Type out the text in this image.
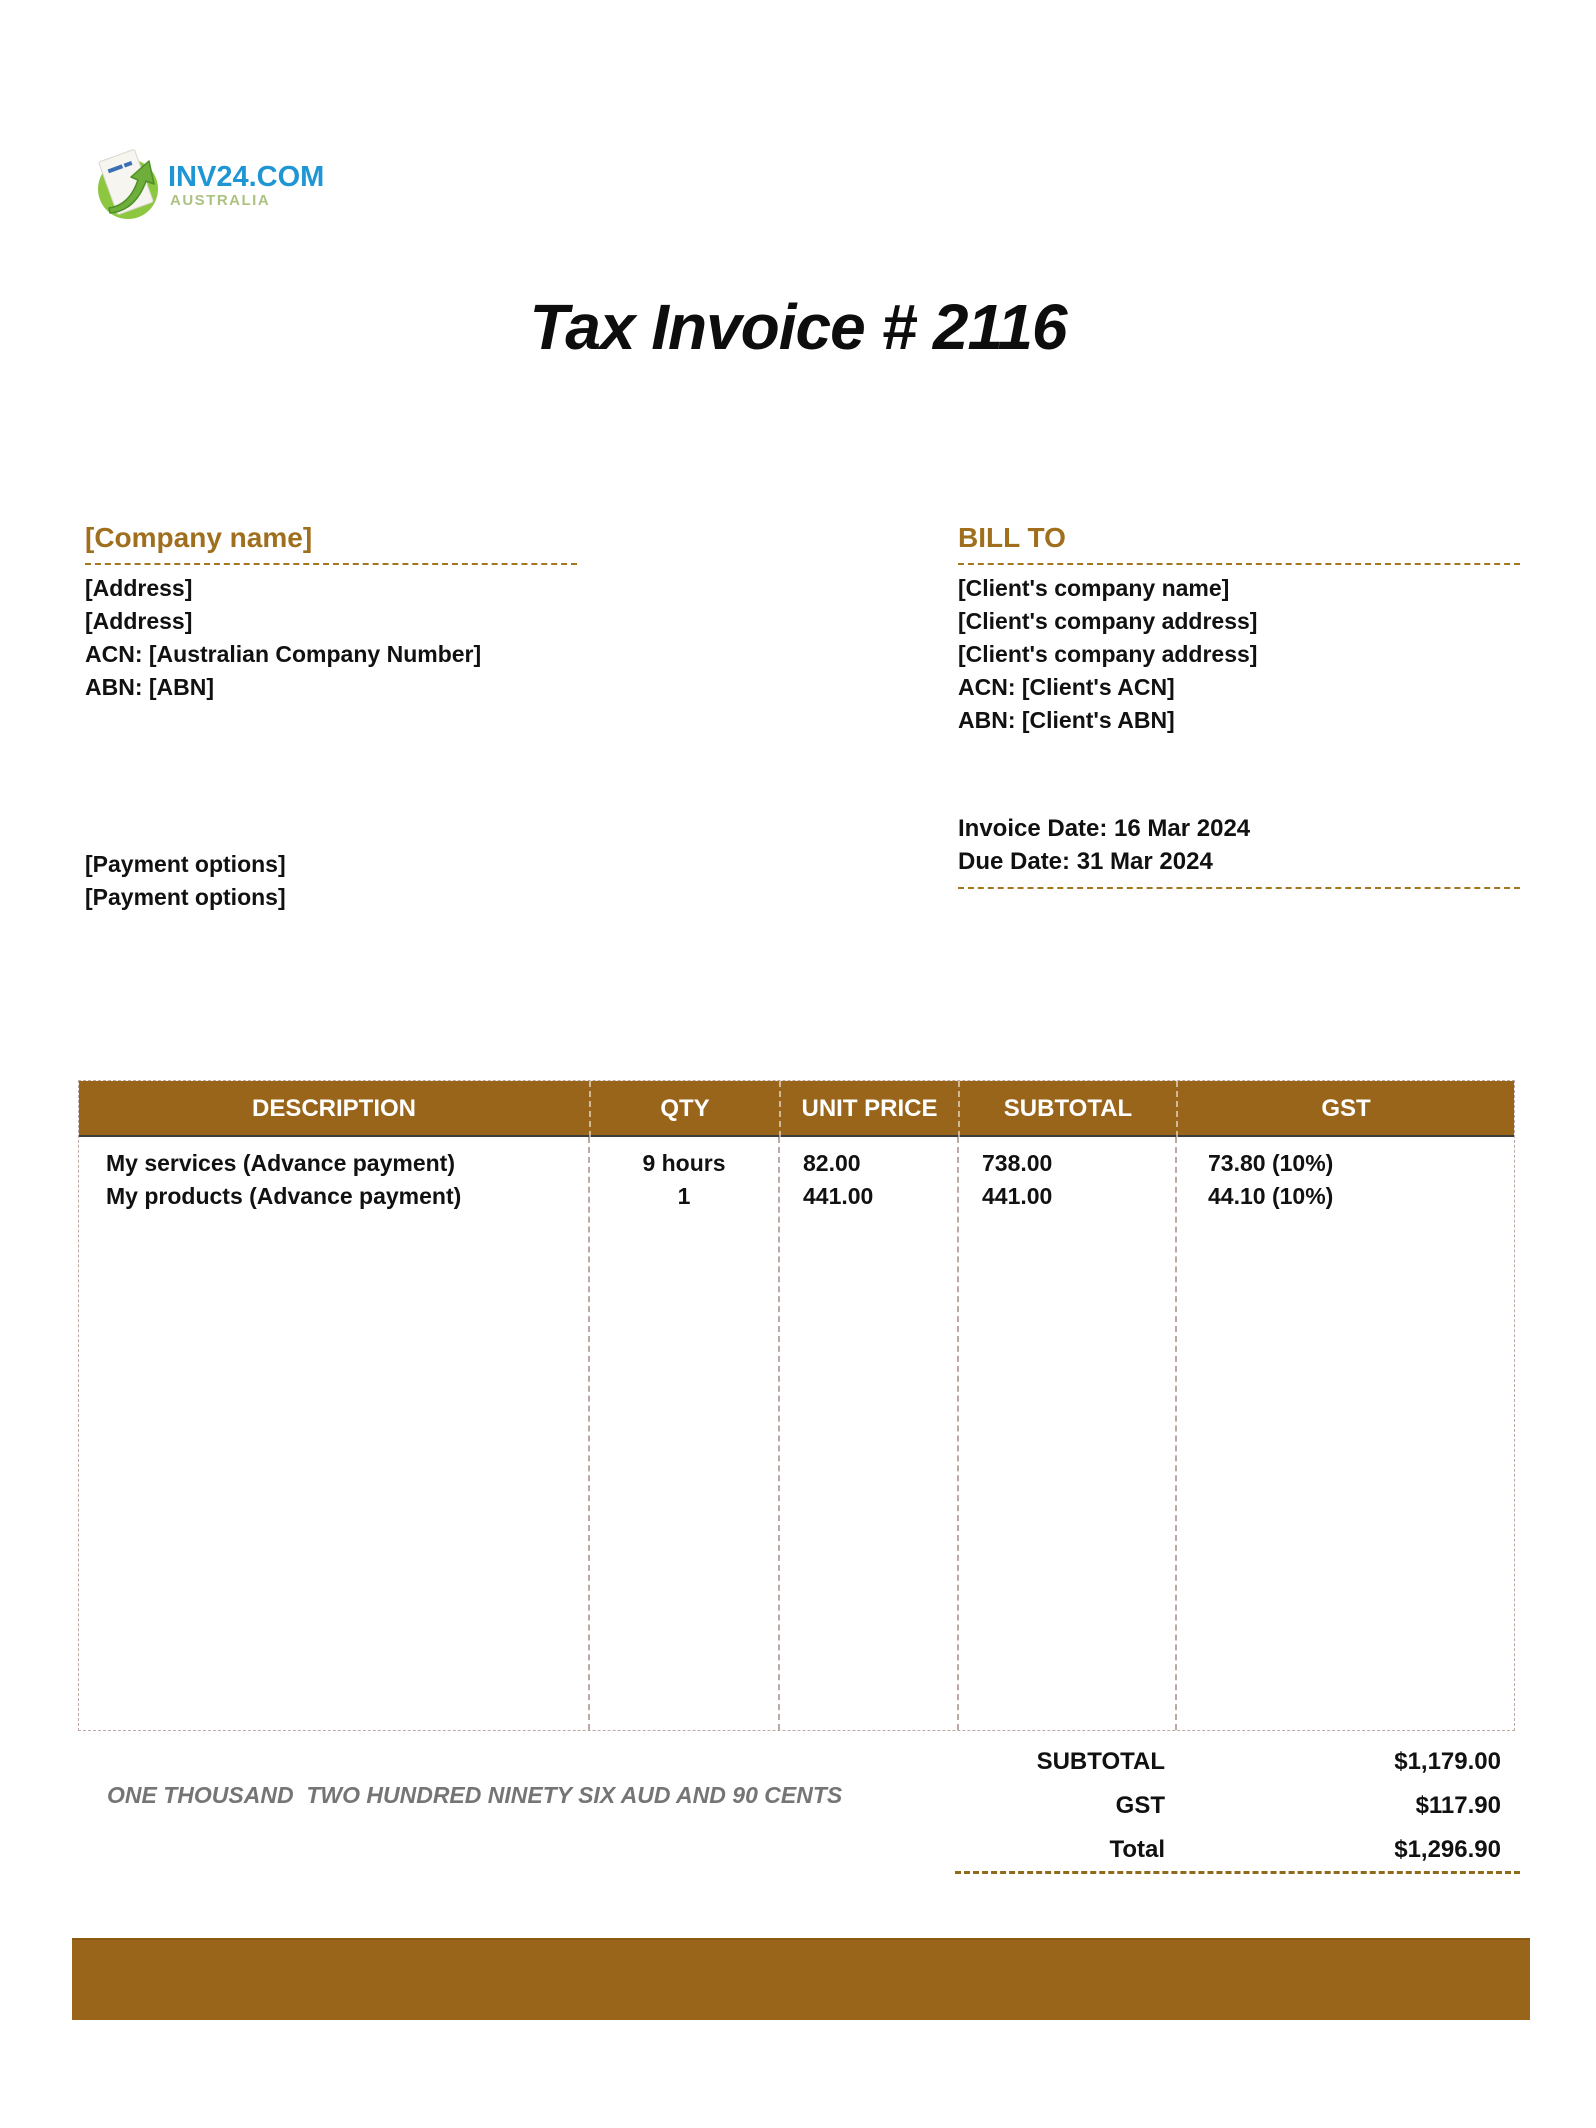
INV24.COM
AUSTRALIA
Tax Invoice # 2116
[Company name]
[Address]
[Address]
ACN: [Australian Company Number]
ABN: [ABN]
BILL TO
[Client's company name]
[Client's company address]
[Client's company address]
ACN: [Client's ACN]
ABN: [Client's ABN]
Invoice Date: 16 Mar 2024
Due Date: 31 Mar 2024
[Payment options]
[Payment options]
DESCRIPTION	QTY	UNIT PRICE	SUBTOTAL	GST
My services (Advance payment)	9 hours	82.00	738.00	73.80 (10%)
My products (Advance payment)	1	441.00	441.00	44.10 (10%)
SUBTOTAL	$1,179.00
GST	$117.90
Total	$1,296.90
ONE THOUSAND  TWO HUNDRED NINETY SIX AUD AND 90 CENTS
